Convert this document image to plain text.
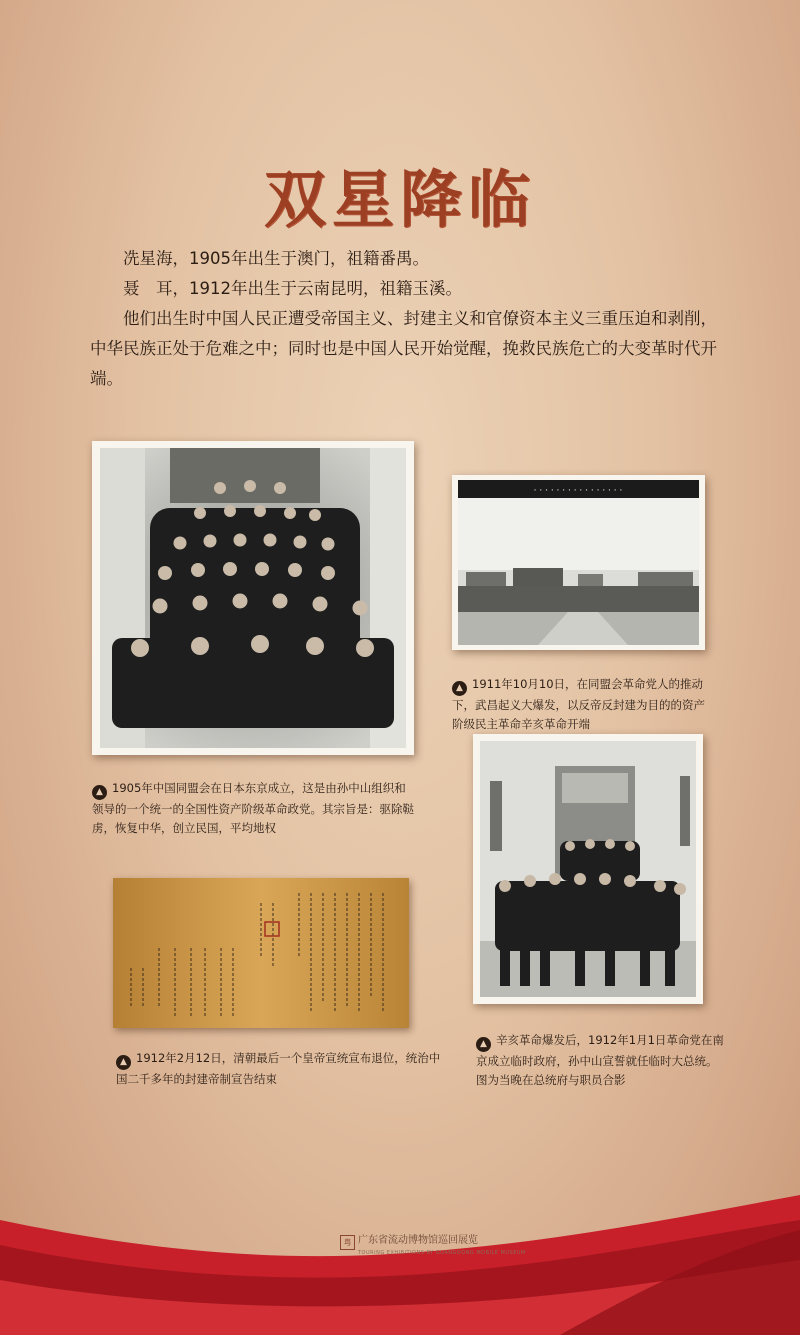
双星降临

冼星海，1905年出生于澳门，祖籍番禺。

聂　耳，1912年出生于云南昆明，祖籍玉溪。

他们出生时中国人民正遭受帝国主义、封建主义和官僚资本主义三重压迫和剥削，中华民族正处于危难之中；同时也是中国人民开始觉醒，挽救民族危亡的大变革时代开端。

▲ 1905年中国同盟会在日本东京成立，这是由孙中山组织和领导的一个统一的全国性资产阶级革命政党。其宗旨是：驱除鞑虏，恢复中华，创立民国，平均地权
· · · · · · · · · · · · · · · ·
▲ 1911年10月10日，在同盟会革命党人的推动下，武昌起义大爆发，以反帝反封建为目的的资产阶级民主革命辛亥革命开端
▲ 辛亥革命爆发后，1912年1月1日革命党在南京成立临时政府，孙中山宣誓就任临时大总统。图为当晚在总统府与职员合影
▲ 1912年2月12日，清朝最后一个皇帝宣统宣布退位，统治中国二千多年的封建帝制宣告结束
粤 广东省流动博物馆巡回展览
TOURING EXHIBITIONS BY GUANGDONG MOBILE MUSEUM
